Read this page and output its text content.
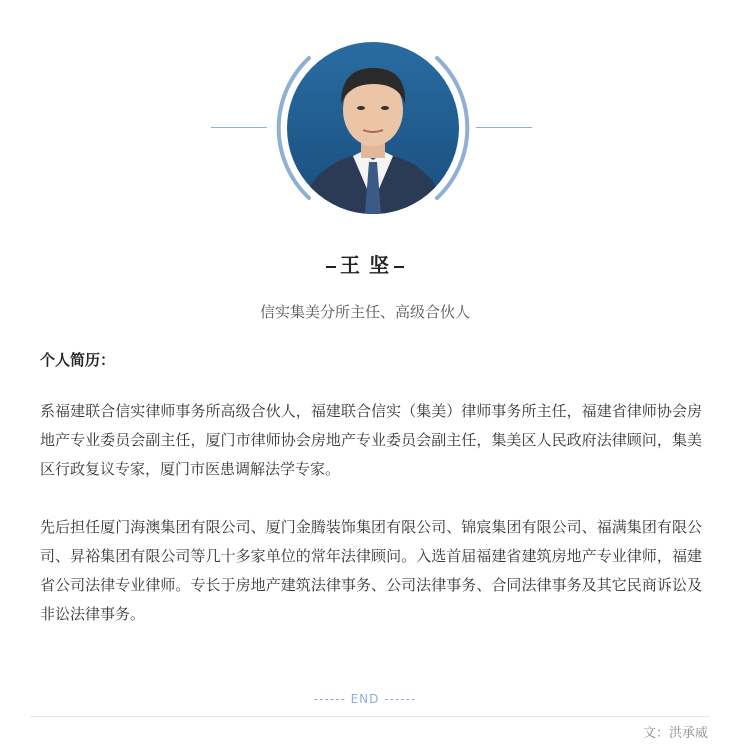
王 坚
信实集美分所主任、高级合伙人
个人简历：
系福建联合信实律师事务所高级合伙人，福建联合信实（集美）律师事务所主任，福建省律师协会房地产专业委员会副主任，厦门市律师协会房地产专业委员会副主任，集美区人民政府法律顾问，集美区行政复议专家，厦门市医患调解法学专家。
先后担任厦门海澳集团有限公司、厦门金腾装饰集团有限公司、锦宸集团有限公司、福满集团有限公司、昇裕集团有限公司等几十多家单位的常年法律顾问。入选首届福建省建筑房地产专业律师，福建省公司法律专业律师。专长于房地产建筑法律事务、公司法律事务、合同法律事务及其它民商诉讼及非讼法律事务。
------ END ------
文：洪承威
